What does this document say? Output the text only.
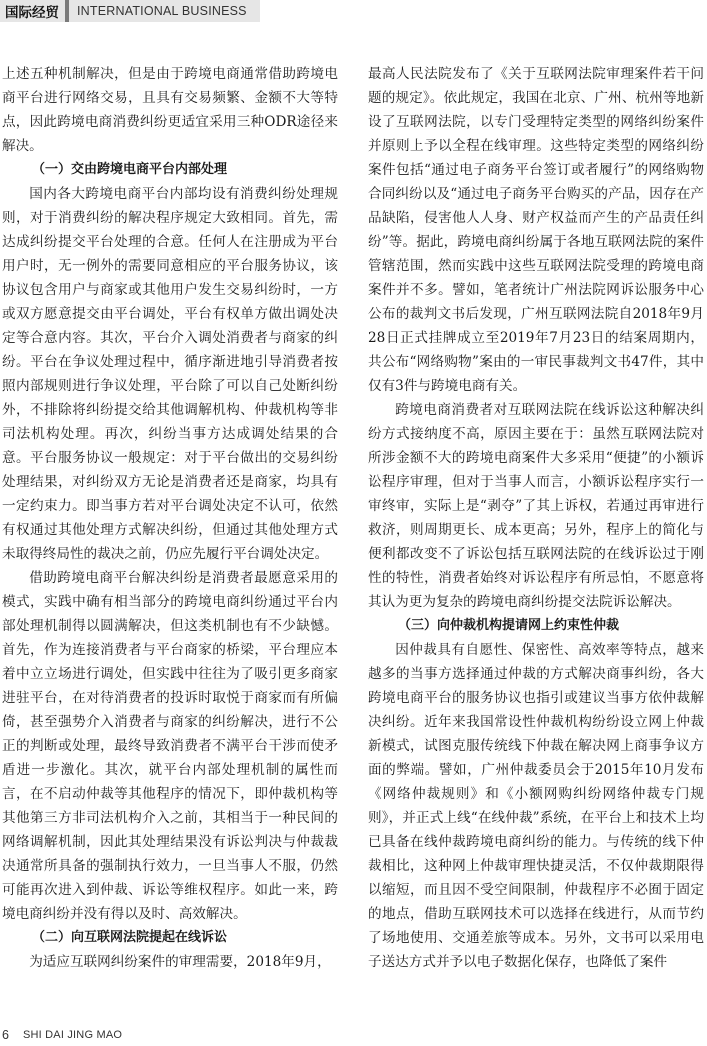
国际经贸	INTERNATIONAL BUSINESS

上述五种机制解决，但是由于跨境电商通常借助跨境电商平台进行网络交易，且具有交易频繁、金额不大等特点，因此跨境电商消费纠纷更适宜采用三种ODR途径来解决。

（一）交由跨境电商平台内部处理

国内各大跨境电商平台内部均设有消费纠纷处理规则，对于消费纠纷的解决程序规定大致相同。首先，需达成纠纷提交平台处理的合意。任何人在注册成为平台用户时，无一例外的需要同意相应的平台服务协议，该协议包含用户与商家或其他用户发生交易纠纷时，一方或双方愿意提交由平台调处，平台有权单方做出调处决定等合意内容。其次，平台介入调处消费者与商家的纠纷。平台在争议处理过程中，循序渐进地引导消费者按照内部规则进行争议处理，平台除了可以自己处断纠纷外，不排除将纠纷提交给其他调解机构、仲裁机构等非司法机构处理。再次，纠纷当事方达成调处结果的合意。平台服务协议一般规定：对于平台做出的交易纠纷处理结果，对纠纷双方无论是消费者还是商家，均具有一定约束力。即当事方若对平台调处决定不认可，依然有权通过其他处理方式解决纠纷，但通过其他处理方式未取得终局性的裁决之前，仍应先履行平台调处决定。

借助跨境电商平台解决纠纷是消费者最愿意采用的模式，实践中确有相当部分的跨境电商纠纷通过平台内部处理机制得以圆满解决，但这类机制也有不少缺憾。首先，作为连接消费者与平台商家的桥梁，平台理应本着中立立场进行调处，但实践中往往为了吸引更多商家进驻平台，在对待消费者的投诉时取悦于商家而有所偏倚，甚至强势介入消费者与商家的纠纷解决，进行不公正的判断或处理，最终导致消费者不满平台干涉而使矛盾进一步激化。其次，就平台内部处理机制的属性而言，在不启动仲裁等其他程序的情况下，即仲裁机构等其他第三方非司法机构介入之前，其相当于一种民间的网络调解机制，因此其处理结果没有诉讼判决与仲裁裁决通常所具备的强制执行效力，一旦当事人不服，仍然可能再次进入到仲裁、诉讼等维权程序。如此一来，跨境电商纠纷并没有得以及时、高效解决。

（二）向互联网法院提起在线诉讼

为适应互联网纠纷案件的审理需要，2018年9月，

最高人民法院发布了《关于互联网法院审理案件若干问题的规定》。依此规定，我国在北京、广州、杭州等地新设了互联网法院，以专门受理特定类型的网络纠纷案件并原则上予以全程在线审理。这些特定类型的网络纠纷案件包括“通过电子商务平台签订或者履行”的网络购物合同纠纷以及“通过电子商务平台购买的产品，因存在产品缺陷，侵害他人人身、财产权益而产生的产品责任纠纷”等。据此，跨境电商纠纷属于各地互联网法院的案件管辖范围，然而实践中这些互联网法院受理的跨境电商案件并不多。譬如，笔者统计广州法院网诉讼服务中心公布的裁判文书后发现，广州互联网法院自2018年9月28日正式挂牌成立至2019年7月23日的结案周期内，共公布“网络购物”案由的一审民事裁判文书47件，其中仅有3件与跨境电商有关。

跨境电商消费者对互联网法院在线诉讼这种解决纠纷方式接纳度不高，原因主要在于：虽然互联网法院对所涉金额不大的跨境电商案件大多采用“便捷”的小额诉讼程序审理，但对于当事人而言，小额诉讼程序实行一审终审，实际上是“剥夺”了其上诉权，若通过再审进行救济，则周期更长、成本更高；另外，程序上的简化与便利都改变不了诉讼包括互联网法院的在线诉讼过于刚性的特性，消费者始终对诉讼程序有所忌怕，不愿意将其认为更为复杂的跨境电商纠纷提交法院诉讼解决。

（三）向仲裁机构提请网上约束性仲裁

因仲裁具有自愿性、保密性、高效率等特点，越来越多的当事方选择通过仲裁的方式解决商事纠纷，各大跨境电商平台的服务协议也指引或建议当事方依仲裁解决纠纷。近年来我国常设性仲裁机构纷纷设立网上仲裁新模式，试图克服传统线下仲裁在解决网上商事争议方面的弊端。譬如，广州仲裁委员会于2015年10月发布《网络仲裁规则》和《小额网购纠纷网络仲裁专门规则》，并正式上线“在线仲裁”系统，在平台上和技术上均已具备在线仲裁跨境电商纠纷的能力。与传统的线下仲裁相比，这种网上仲裁审理快捷灵活，不仅仲裁期限得以缩短，而且因不受空间限制，仲裁程序不必囿于固定的地点，借助互联网技术可以选择在线进行，从而节约了场地使用、交通差旅等成本。另外，文书可以采用电子送达方式并予以电子数据化保存，也降低了案件

6	SHI DAI JING MAO
